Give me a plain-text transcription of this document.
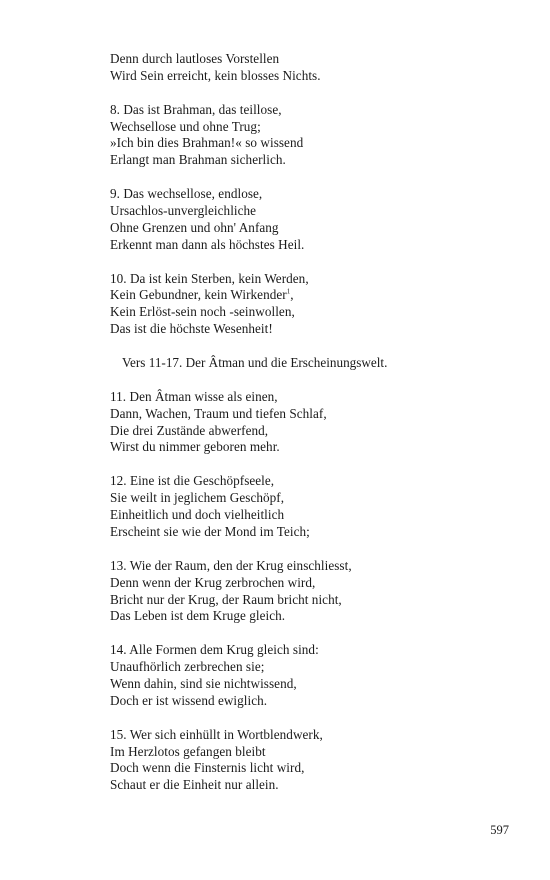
Denn durch lautloses Vorstellen
Wird Sein erreicht, kein blosses Nichts.
8. Das ist Brahman, das teillose,
Wechsellose und ohne Trug;
»Ich bin dies Brahman!« so wissend
Erlangt man Brahman sicherlich.
9. Das wechsellose, endlose,
Ursachlos-unvergleichliche
Ohne Grenzen und ohn' Anfang
Erkennt man dann als höchstes Heil.
10. Da ist kein Sterben, kein Werden,
Kein Gebundner, kein Wirkender$^1$,
Kein Erlöst-sein noch -seinwollen,
Das ist die höchste Wesenheit!
Vers 11-17. Der Âtman und die Erscheinungswelt.
11. Den Âtman wisse als einen,
Dann, Wachen, Traum und tiefen Schlaf,
Die drei Zustände abwerfend,
Wirst du nimmer geboren mehr.
12. Eine ist die Geschöpfseele,
Sie weilt in jeglichem Geschöpf,
Einheitlich und doch vielheitlich
Erscheint sie wie der Mond im Teich;
13. Wie der Raum, den der Krug einschliesst,
Denn wenn der Krug zerbrochen wird,
Bricht nur der Krug, der Raum bricht nicht,
Das Leben ist dem Kruge gleich.
14. Alle Formen dem Krug gleich sind:
Unaufhörlich zerbrechen sie;
Wenn dahin, sind sie nichtwissend,
Doch er ist wissend ewiglich.
15. Wer sich einhüllt in Wortblendwerk,
Im Herzlotos gefangen bleibt
Doch wenn die Finsternis licht wird,
Schaut er die Einheit nur allein.
597
